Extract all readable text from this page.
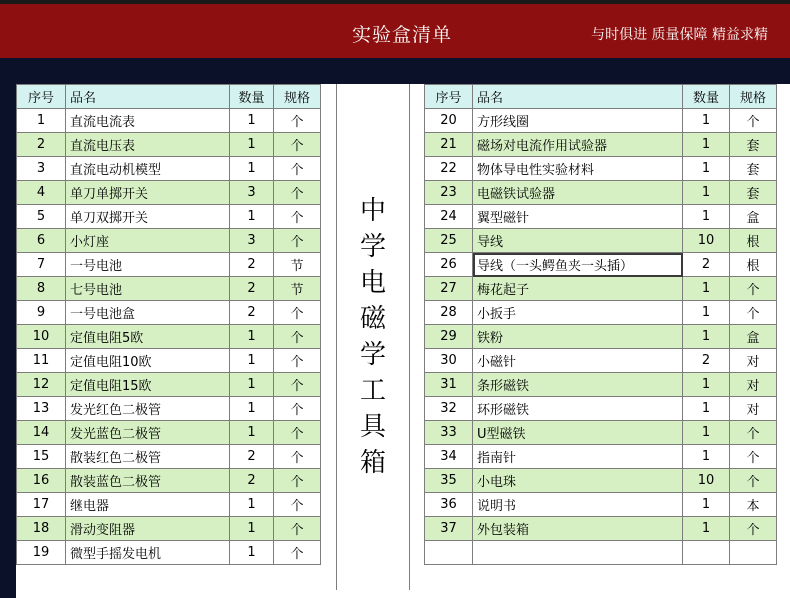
实验盒清单	与时俱进 质量保障 精益求精
序号	品名	数量	规格
1	直流电流表	1	个
2	直流电压表	1	个
3	直流电动机模型	1	个
4	单刀单掷开关	3	个
5	单刀双掷开关	1	个
6	小灯座	3	个
7	一号电池	2	节
8	七号电池	2	节
9	一号电池盒	2	个
10	定值电阻5欧	1	个
11	定值电阻10欧	1	个
12	定值电阻15欧	1	个
13	发光红色二极管	1	个
14	发光蓝色二极管	1	个
15	散装红色二极管	2	个
16	散装蓝色二极管	2	个
17	继电器	1	个
18	滑动变阻器	1	个
19	微型手摇发电机	1	个
中
学
电
磁
学
工
具
箱
序号	品名	数量	规格
20	方形线圈	1	个
21	磁场对电流作用试验器	1	套
22	物体导电性实验材料	1	套
23	电磁铁试验器	1	套
24	翼型磁针	1	盒
25	导线	10	根
26	导线（一头鳄鱼夹一头插）	2	根
27	梅花起子	1	个
28	小扳手	1	个
29	铁粉	1	盒
30	小磁针	2	对
31	条形磁铁	1	对
32	环形磁铁	1	对
33	U型磁铁	1	个
34	指南针	1	个
35	小电珠	10	个
36	说明书	1	本
37	外包装箱	1	个
